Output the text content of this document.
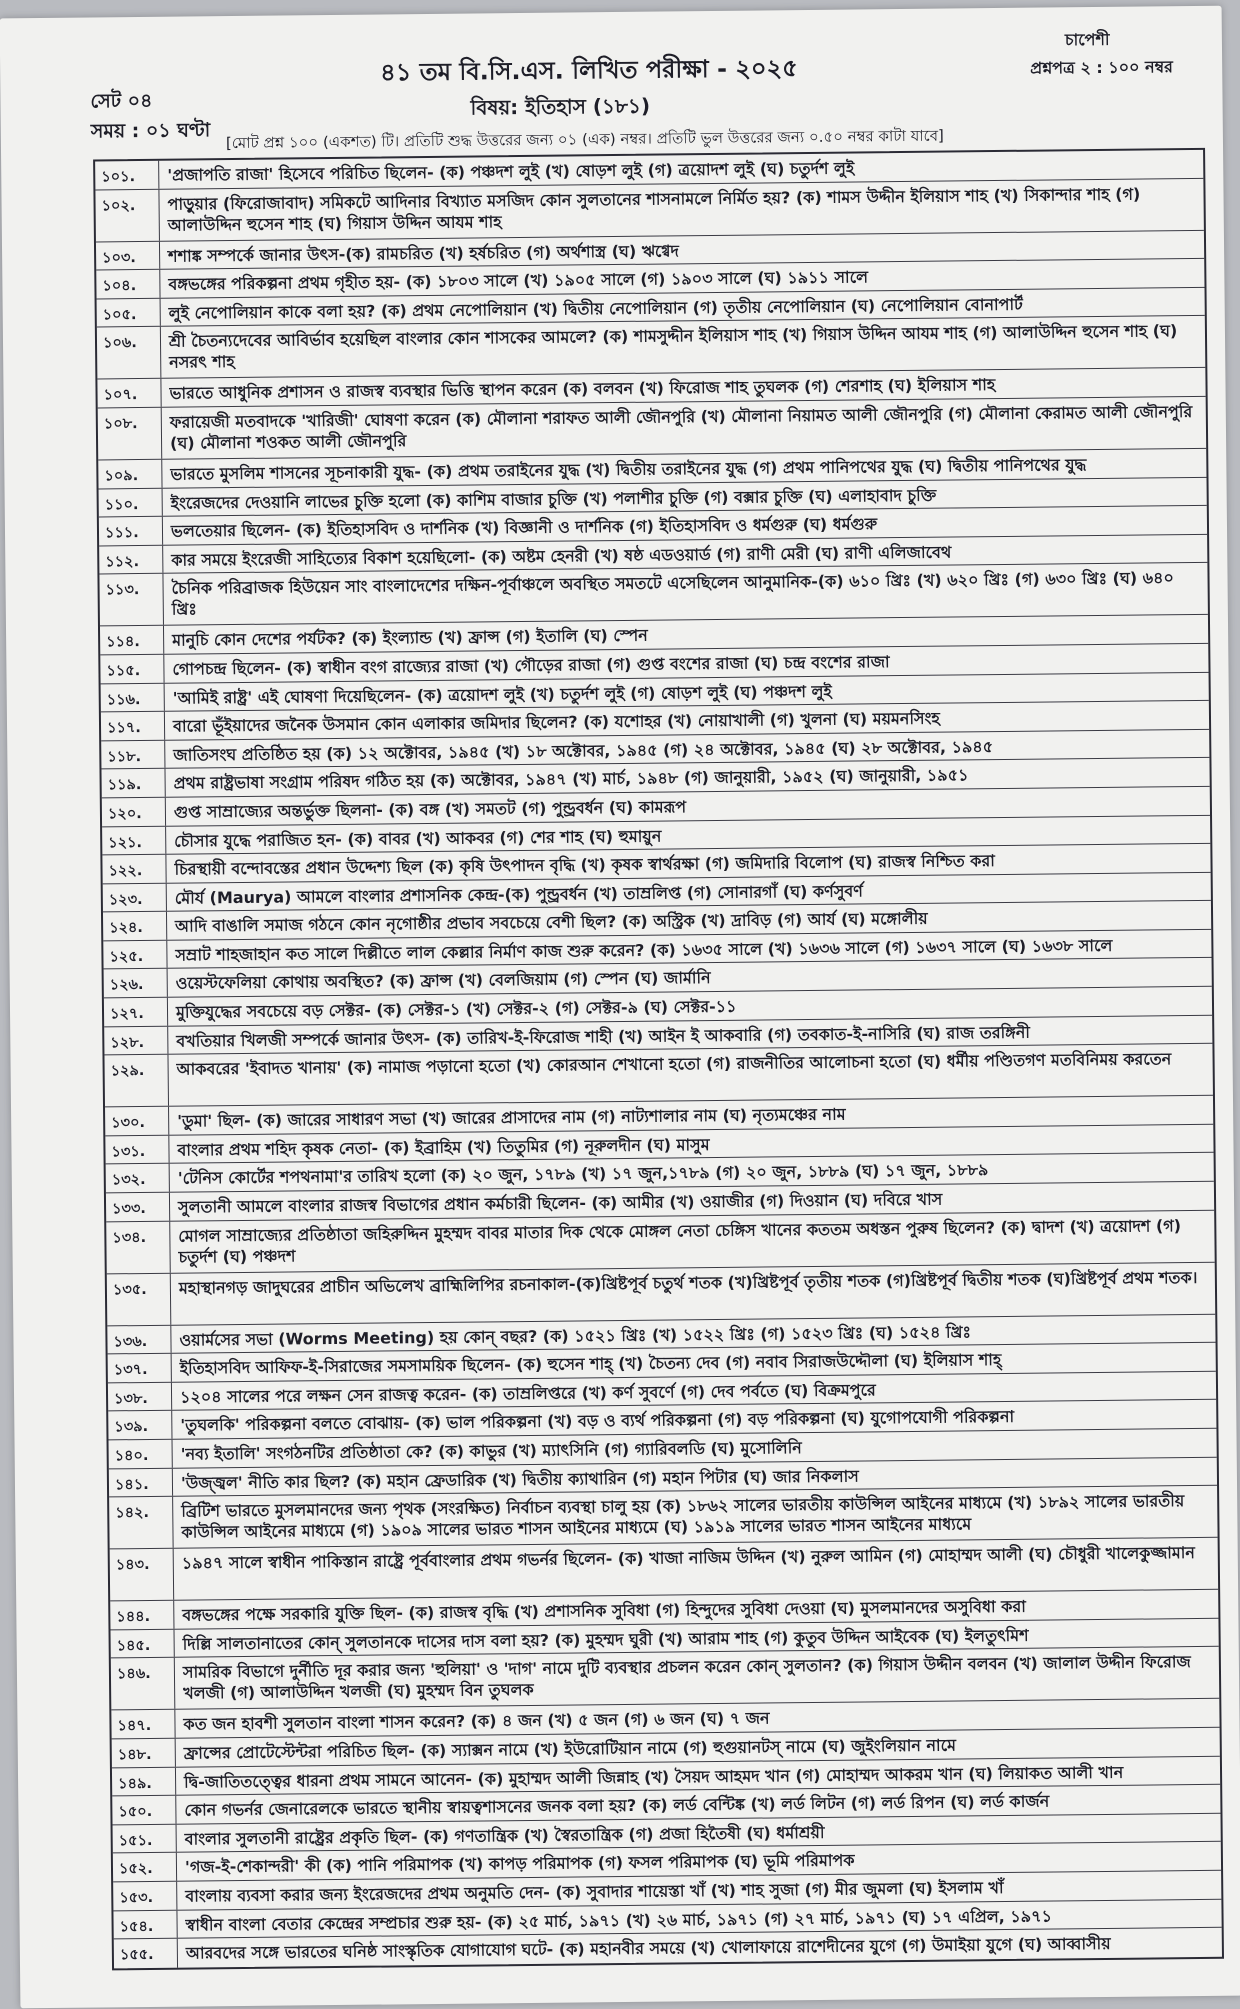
চাপেশী
৪১ তম বি.সি.এস. লিখিত পরীক্ষা - ২০২৫	প্রশ্নপত্র ২ : ১০০ নম্বর
সেট ০৪	বিষয়: ইতিহাস (১৮১)
সময় : ০১ ঘণ্টা [মোট প্রশ্ন ১০০ (একশত) টি। প্রতিটি শুদ্ধ উত্তরের জন্য ০১ (এক) নম্বর। প্রতিটি ভুল উত্তরের জন্য ০.৫০ নম্বর কাটা যাবে]
১০১.	'প্রজাপতি রাজা' হিসেবে পরিচিত ছিলেন- (ক) পঞ্চদশ লুই (খ) ষোড়শ লুই (গ) ত্রয়োদশ লুই (ঘ) চতুর্দশ লুই
১০২.	পাড়ুয়ার (ফিরোজাবাদ) সমিকটে আদিনার বিখ্যাত মসজিদ কোন সুলতানের শাসনামলে নির্মিত হয়? (ক) শামস উদ্দীন ইলিয়াস শাহ (খ) সিকান্দার শাহ (গ) আলাউদ্দিন হুসেন শাহ (ঘ) গিয়াস উদ্দিন আযম শাহ
১০৩.	শশাঙ্ক সম্পর্কে জানার উৎস-(ক) রামচরিত (খ) হর্ষচরিত (গ) অর্থশাস্ত্র (ঘ) ঋগ্বেদ
১০৪.	বঙ্গভঙ্গের পরিকল্পনা প্রথম গৃহীত হয়- (ক) ১৮০৩ সালে (খ) ১৯০৫ সালে (গ) ১৯০৩ সালে (ঘ) ১৯১১ সালে
১০৫.	লুই নেপোলিয়ান কাকে বলা হয়? (ক) প্রথম নেপোলিয়ান (খ) দ্বিতীয় নেপোলিয়ান (গ) তৃতীয় নেপোলিয়ান (ঘ) নেপোলিয়ান বোনাপার্ট
১০৬.	শ্রী চৈতন্যদেবের আবির্ভাব হয়েছিল বাংলার কোন শাসকের আমলে? (ক) শামসুদ্দীন ইলিয়াস শাহ (খ) গিয়াস উদ্দিন আযম শাহ (গ) আলাউদ্দিন হুসেন শাহ (ঘ) নসরৎ শাহ
১০৭.	ভারতে আধুনিক প্রশাসন ও রাজস্ব ব্যবস্থার ভিত্তি স্থাপন করেন (ক) বলবন (খ) ফিরোজ শাহ তুঘলক (গ) শেরশাহ (ঘ) ইলিয়াস শাহ
১০৮.	ফরায়েজী মতবাদকে 'খারিজী' ঘোষণা করেন (ক) মৌলানা শরাফত আলী জৌনপুরি (খ) মৌলানা নিয়ামত আলী জৌনপুরি (গ) মৌলানা কেরামত আলী জৌনপুরি (ঘ) মৌলানা শওকত আলী জৌনপুরি
১০৯.	ভারতে মুসলিম শাসনের সূচনাকারী যুদ্ধ- (ক) প্রথম তরাইনের যুদ্ধ (খ) দ্বিতীয় তরাইনের যুদ্ধ (গ) প্রথম পানিপথের যুদ্ধ (ঘ) দ্বিতীয় পানিপথের যুদ্ধ
১১০.	ইংরেজদের দেওয়ানি লাভের চুক্তি হলো (ক) কাশিম বাজার চুক্তি (খ) পলাশীর চুক্তি (গ) বক্সার চুক্তি (ঘ) এলাহাবাদ চুক্তি
১১১.	ভলতেয়ার ছিলেন- (ক) ইতিহাসবিদ ও দার্শনিক (খ) বিজ্ঞানী ও দার্শনিক (গ) ইতিহাসবিদ ও ধর্মগুরু (ঘ) ধর্মগুরু
১১২.	কার সময়ে ইংরেজী সাহিত্যের বিকাশ হয়েছিলো- (ক) অষ্টম হেনরী (খ) ষষ্ঠ এডওয়ার্ড (গ) রাণী মেরী (ঘ) রাণী এলিজাবেথ
১১৩.	চৈনিক পরিব্রাজক হিউয়েন সাং বাংলাদেশের দক্ষিন-পূর্বাঞ্চলে অবস্থিত সমতটে এসেছিলেন আনুমানিক-(ক) ৬১০ খ্রিঃ (খ) ৬২০ খ্রিঃ (গ) ৬৩০ খ্রিঃ (ঘ) ৬৪০ খ্রিঃ
১১৪.	মানুচি কোন দেশের পর্যটক? (ক) ইংল্যান্ড (খ) ফ্রান্স (গ) ইতালি (ঘ) স্পেন
১১৫.	গোপচন্দ্র ছিলেন- (ক) স্বাধীন বংগ রাজ্যের রাজা (খ) গৌড়ের রাজা (গ) গুপ্ত বংশের রাজা (ঘ) চন্দ্র বংশের রাজা
১১৬.	'আমিই রাষ্ট্র' এই ঘোষণা দিয়েছিলেন- (ক) ত্রয়োদশ লুই (খ) চতুর্দশ লুই (গ) ষোড়শ লুই (ঘ) পঞ্চদশ লুই
১১৭.	বারো ভূঁইয়াদের জনৈক উসমান কোন এলাকার জমিদার ছিলেন? (ক) যশোহর (খ) নোয়াখালী (গ) খুলনা (ঘ) ময়মনসিংহ
১১৮.	জাতিসংঘ প্রতিষ্ঠিত হয় (ক) ১২ অক্টোবর, ১৯৪৫ (খ) ১৮ অক্টোবর, ১৯৪৫ (গ) ২৪ অক্টোবর, ১৯৪৫ (ঘ) ২৮ অক্টোবর, ১৯৪৫
১১৯.	প্রথম রাষ্ট্রভাষা সংগ্রাম পরিষদ গঠিত হয় (ক) অক্টোবর, ১৯৪৭ (খ) মার্চ, ১৯৪৮ (গ) জানুয়ারী, ১৯৫২ (ঘ) জানুয়ারী, ১৯৫১
১২০.	গুপ্ত সাম্রাজ্যের অন্তর্ভুক্ত ছিলনা- (ক) বঙ্গ (খ) সমতট (গ) পুন্ড্রবর্ধন (ঘ) কামরূপ
১২১.	চৌসার যুদ্ধে পরাজিত হন- (ক) বাবর (খ) আকবর (গ) শের শাহ (ঘ) হুমায়ুন
১২২.	চিরস্থায়ী বন্দোবস্তের প্রধান উদ্দেশ্য ছিল (ক) কৃষি উৎপাদন বৃদ্ধি (খ) কৃষক স্বার্থরক্ষা (গ) জমিদারি বিলোপ (ঘ) রাজস্ব নিশ্চিত করা
১২৩.	মৌর্য (Maurya) আমলে বাংলার প্রশাসনিক কেন্দ্র-(ক) পুন্ড্রবর্ধন (খ) তাম্রলিপ্ত (গ) সোনারগাঁ (ঘ) কর্ণসুবর্ণ
১২৪.	আদি বাঙালি সমাজ গঠনে কোন নৃগোষ্ঠীর প্রভাব সবচেয়ে বেশী ছিল? (ক) অস্ট্রিক (খ) দ্রাবিড় (গ) আর্য (ঘ) মঙ্গোলীয়
১২৫.	সম্রাট শাহজাহান কত সালে দিল্লীতে লাল কেল্লার নির্মাণ কাজ শুরু করেন? (ক) ১৬৩৫ সালে (খ) ১৬৩৬ সালে (গ) ১৬৩৭ সালে (ঘ) ১৬৩৮ সালে
১২৬.	ওয়েস্টফেলিয়া কোথায় অবস্থিত? (ক) ফ্রান্স (খ) বেলজিয়াম (গ) স্পেন (ঘ) জার্মানি
১২৭.	মুক্তিযুদ্ধের সবচেয়ে বড় সেক্টর- (ক) সেক্টর-১ (খ) সেক্টর-২ (গ) সেক্টর-৯ (ঘ) সেক্টর-১১
১২৮.	বখতিয়ার খিলজী সম্পর্কে জানার উৎস- (ক) তারিখ-ই-ফিরোজ শাহী (খ) আইন ই আকবারি (গ) তবকাত-ই-নাসিরি (ঘ) রাজ তরঙ্গিনী
১২৯.	আকবরের 'ইবাদত খানায়' (ক) নামাজ পড়ানো হতো (খ) কোরআন শেখানো হতো (গ) রাজনীতির আলোচনা হতো (ঘ) ধর্মীয় পণ্ডিতগণ মতবিনিময় করতেন
১৩০.	'ডুমা' ছিল- (ক) জারের সাধারণ সভা (খ) জারের প্রাসাদের নাম (গ) নাট্যশালার নাম (ঘ) নৃত্যমঞ্চের নাম
১৩১.	বাংলার প্রথম শহিদ কৃষক নেতা- (ক) ইব্রাহিম (খ) তিতুমির (গ) নূরুলদীন (ঘ) মাসুম
১৩২.	'টেনিস কোর্টের শপথনামা'র তারিখ হলো (ক) ২০ জুন, ১৭৮৯ (খ) ১৭ জুন,১৭৮৯ (গ) ২০ জুন, ১৮৮৯ (ঘ) ১৭ জুন, ১৮৮৯
১৩৩.	সুলতানী আমলে বাংলার রাজস্ব বিভাগের প্রধান কর্মচারী ছিলেন- (ক) আমীর (খ) ওয়াজীর (গ) দিওয়ান (ঘ) দবিরে খাস
১৩৪.	মোগল সাম্রাজ্যের প্রতিষ্ঠাতা জহিরুদ্দিন মুহম্মদ বাবর মাতার দিক থেকে মোঙ্গল নেতা চেঙ্গিস খানের কততম অধস্তন পুরুষ ছিলেন? (ক) দ্বাদশ (খ) ত্রয়োদশ (গ) চতুর্দশ (ঘ) পঞ্চদশ
১৩৫.	মহাস্থানগড় জাদুঘরের প্রাচীন অভিলেখ ব্রাহ্মিলিপির রচনাকাল-(ক)খ্রিষ্টপূর্ব চতুর্থ শতক (খ)খ্রিষ্টপূর্ব তৃতীয় শতক (গ)খ্রিষ্টপূর্ব দ্বিতীয় শতক (ঘ)খ্রিষ্টপূর্ব প্রথম শতক।
১৩৬.	ওয়ার্মসের সভা (Worms Meeting) হয় কোন্ বছর? (ক) ১৫২১ খ্রিঃ (খ) ১৫২২ খ্রিঃ (গ) ১৫২৩ খ্রিঃ (ঘ) ১৫২৪ খ্রিঃ
১৩৭.	ইতিহাসবিদ আফিফ-ই-সিরাজের সমসাময়িক ছিলেন- (ক) হুসেন শাহ্ (খ) চৈতন্য দেব (গ) নবাব সিরাজউদ্দৌলা (ঘ) ইলিয়াস শাহ্
১৩৮.	১২০৪ সালের পরে লক্ষন সেন রাজত্ব করেন- (ক) তাম্রলিপ্তরে (খ) কর্ণ সুবর্ণে (গ) দেব পর্বতে (ঘ) বিক্রমপুরে
১৩৯.	'তুঘলকি' পরিকল্পনা বলতে বোঝায়- (ক) ভাল পরিকল্পনা (খ) বড় ও ব্যর্থ পরিকল্পনা (গ) বড় পরিকল্পনা (ঘ) যুগোপযোগী পরিকল্পনা
১৪০.	'নব্য ইতালি' সংগঠনটির প্রতিষ্ঠাতা কে? (ক) কাভুর (খ) ম্যাৎসিনি (গ) গ্যারিবলডি (ঘ) মুসোলিনি
১৪১.	'উজ্জ্বল' নীতি কার ছিল? (ক) মহান ফ্রেডারিক (খ) দ্বিতীয় ক্যাথারিন (গ) মহান পিটার (ঘ) জার নিকলাস
১৪২.	ব্রিটিশ ভারতে মুসলমানদের জন্য পৃথক (সংরক্ষিত) নির্বাচন ব্যবস্থা চালু হয় (ক) ১৮৬২ সালের ভারতীয় কাউন্সিল আইনের মাধ্যমে (খ) ১৮৯২ সালের ভারতীয় কাউন্সিল আইনের মাধ্যমে (গ) ১৯০৯ সালের ভারত শাসন আইনের মাধ্যমে (ঘ) ১৯১৯ সালের ভারত শাসন আইনের মাধ্যমে
১৪৩.	১৯৪৭ সালে স্বাধীন পাকিস্তান রাষ্ট্রে পূর্ববাংলার প্রথম গভর্নর ছিলেন- (ক) খাজা নাজিম উদ্দিন (খ) নুরুল আমিন (গ) মোহাম্মদ আলী (ঘ) চৌধুরী খালেকুজ্জামান
১৪৪.	বঙ্গভঙ্গের পক্ষে সরকারি যুক্তি ছিল- (ক) রাজস্ব বৃদ্ধি (খ) প্রশাসনিক সুবিধা (গ) হিন্দুদের সুবিধা দেওয়া (ঘ) মুসলমানদের অসুবিধা করা
১৪৫.	দিল্লি সালতানাতের কোন্ সুলতানকে দাসের দাস বলা হয়? (ক) মুহম্মদ ঘুরী (খ) আরাম শাহ (গ) কুতুব উদ্দিন আইবেক (ঘ) ইলতুৎমিশ
১৪৬.	সামরিক বিভাগে দুর্নীতি দূর করার জন্য 'হুলিয়া' ও 'দাগ' নামে দুটি ব্যবস্থার প্রচলন করেন কোন্ সুলতান? (ক) গিয়াস উদ্দীন বলবন (খ) জালাল উদ্দীন ফিরোজ খলজী (গ) আলাউদ্দিন খলজী (ঘ) মুহম্মদ বিন তুঘলক
১৪৭.	কত জন হাবশী সুলতান বাংলা শাসন করেন? (ক) ৪ জন (খ) ৫ জন (গ) ৬ জন (ঘ) ৭ জন
১৪৮.	ফ্রান্সের প্রোটেস্টেন্টরা পরিচিত ছিল- (ক) স্যাক্সন নামে (খ) ইউরোটিয়ান নামে (গ) হুগুয়ানটস্ নামে (ঘ) জুইংলিয়ান নামে
১৪৯.	দ্বি-জাতিতত্ত্বের ধারনা প্রথম সামনে আনেন- (ক) মুহাম্মদ আলী জিন্নাহ (খ) সৈয়দ আহমদ খান (গ) মোহাম্মদ আকরম খান (ঘ) লিয়াকত আলী খান
১৫০.	কোন গভর্নর জেনারেলকে ভারতে স্থানীয় স্বায়ত্বশাসনের জনক বলা হয়? (ক) লর্ড বেন্টিঙ্ক (খ) লর্ড লিটন (গ) লর্ড রিপন (ঘ) লর্ড কার্জন
১৫১.	বাংলার সুলতানী রাষ্ট্রের প্রকৃতি ছিল- (ক) গণতান্ত্রিক (খ) স্বৈরতান্ত্রিক (গ) প্রজা হিতৈষী (ঘ) ধর্মাশ্রয়ী
১৫২.	'গজ-ই-শেকান্দরী' কী (ক) পানি পরিমাপক (খ) কাপড় পরিমাপক (গ) ফসল পরিমাপক (ঘ) ভূমি পরিমাপক
১৫৩.	বাংলায় ব্যবসা করার জন্য ইংরেজদের প্রথম অনুমতি দেন- (ক) সুবাদার শায়েস্তা খাঁ (খ) শাহ সুজা (গ) মীর জুমলা (ঘ) ইসলাম খাঁ
১৫৪.	স্বাধীন বাংলা বেতার কেন্দ্রের সম্প্রচার শুরু হয়- (ক) ২৫ মার্চ, ১৯৭১ (খ) ২৬ মার্চ, ১৯৭১ (গ) ২৭ মার্চ, ১৯৭১ (ঘ) ১৭ এপ্রিল, ১৯৭১
১৫৫.	আরবদের সঙ্গে ভারতের ঘনিষ্ঠ সাংস্কৃতিক যোগাযোগ ঘটে- (ক) মহানবীর সময়ে (খ) খোলাফায়ে রাশেদীনের যুগে (গ) উমাইয়া যুগে (ঘ) আব্বাসীয়
